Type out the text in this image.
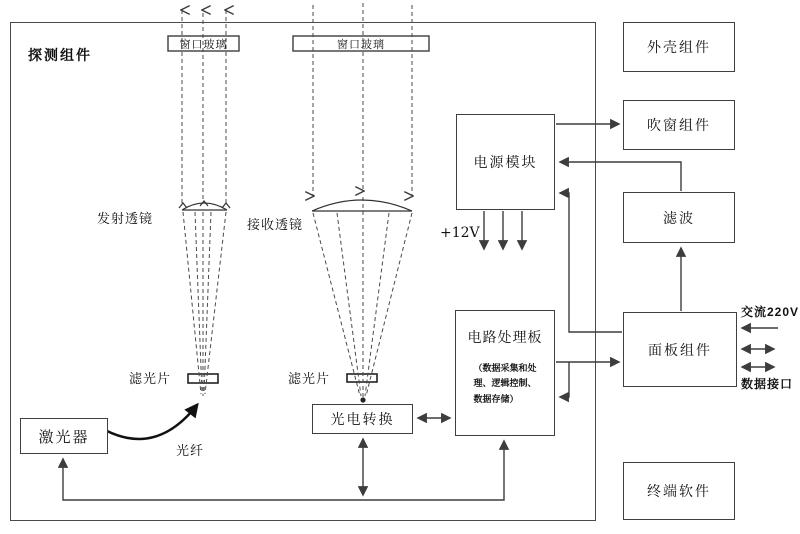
激光器
光电转换
电源模块
电路处理板
（数据采集和处
理、逻辑控制、
数据存储）
外壳组件
吹窗组件
滤波
面板组件
终端软件
窗口玻璃	窗口玻璃
探测组件
发射透镜	接收透镜
滤光片	滤光片
光纤
+12V
交流220V
数据接口
